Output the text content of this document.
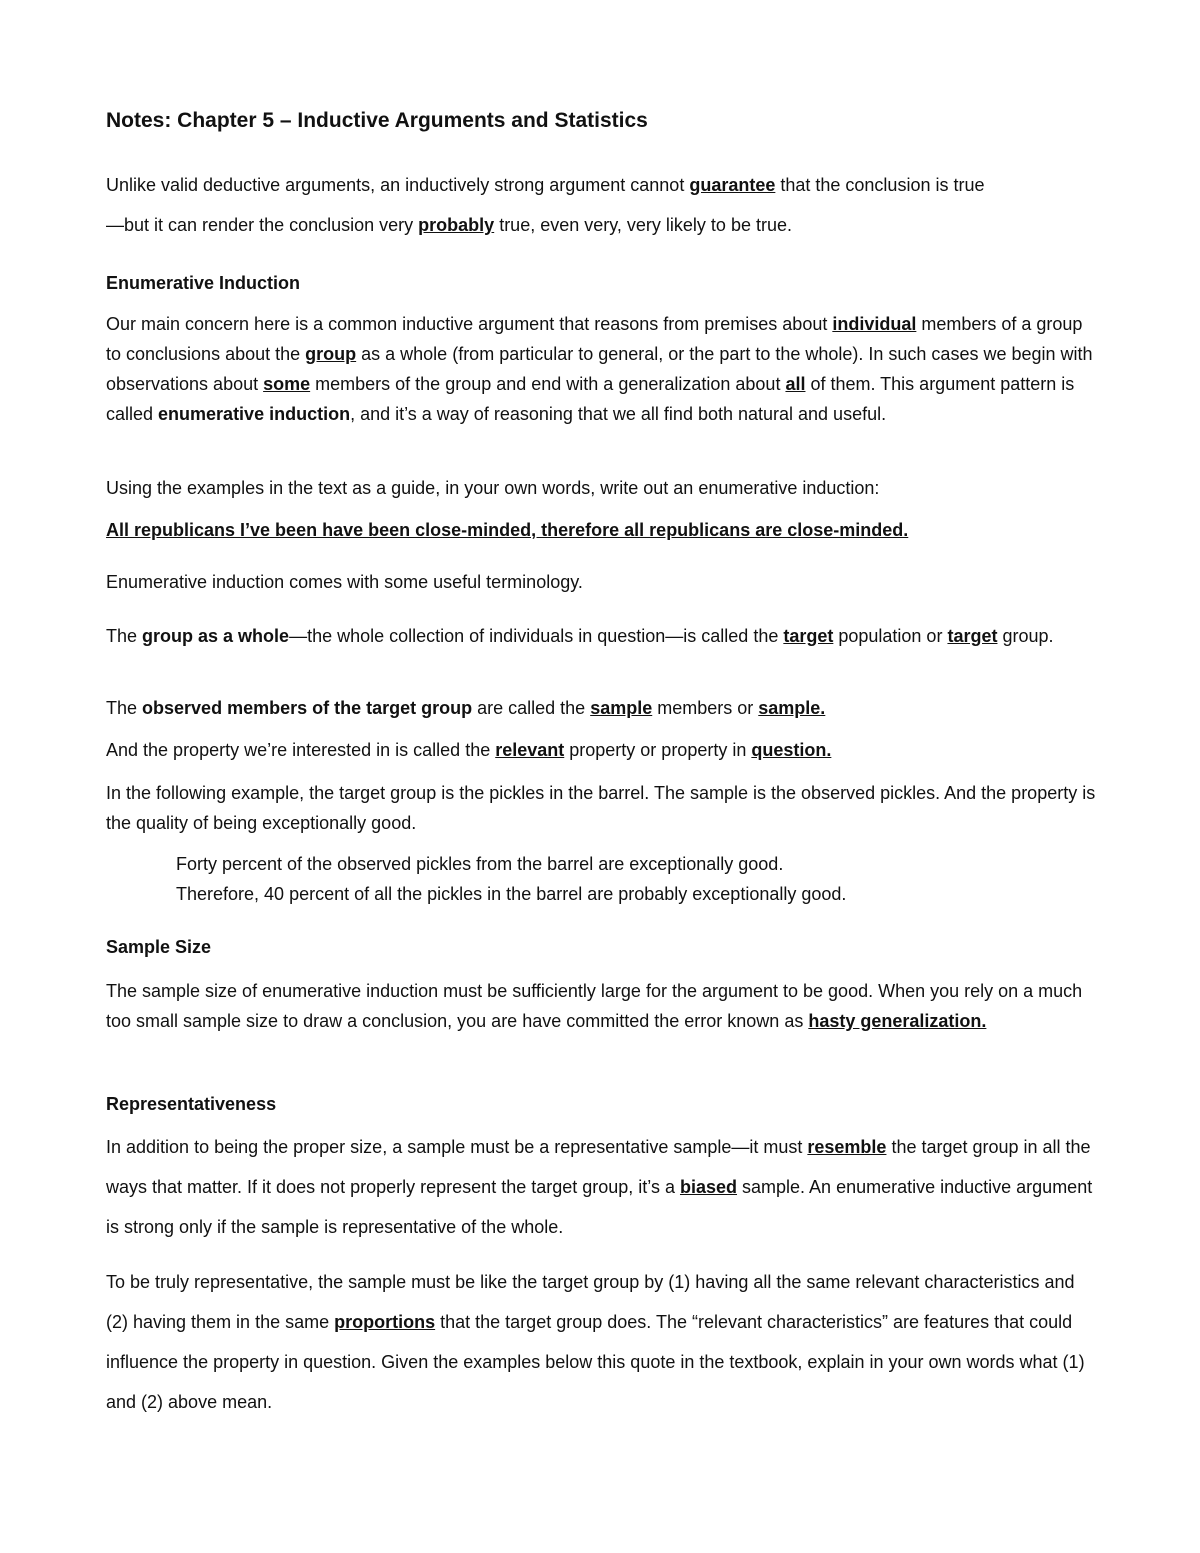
Notes: Chapter 5 – Inductive Arguments and Statistics

Unlike valid deductive arguments, an inductively strong argument cannot guarantee that the conclusion is true
—but it can render the conclusion very probably true, even very, very likely to be true.

Enumerative Induction

Our main concern here is a common inductive argument that reasons from premises about individual members of a group to conclusions about the group as a whole (from particular to general, or the part to the whole). In such cases we begin with observations about some members of the group and end with a generalization about all of them. This argument pattern is called enumerative induction, and it’s a way of reasoning that we all find both natural and useful.

Using the examples in the text as a guide, in your own words, write out an enumerative induction:

All republicans I’ve been have been close-minded, therefore all republicans are close-minded.

Enumerative induction comes with some useful terminology.

The group as a whole—the whole collection of individuals in question—is called the target population or target group.

The observed members of the target group are called the sample members or sample.

And the property we’re interested in is called the relevant property or property in question.

In the following example, the target group is the pickles in the barrel. The sample is the observed pickles. And the property is the quality of being exceptionally good.

Forty percent of the observed pickles from the barrel are exceptionally good.

Therefore, 40 percent of all the pickles in the barrel are probably exceptionally good.

Sample Size

The sample size of enumerative induction must be sufficiently large for the argument to be good. When you rely on a much too small sample size to draw a conclusion, you are have committed the error known as hasty generalization.

Representativeness

In addition to being the proper size, a sample must be a representative sample—it must resemble the target group in all the ways that matter. If it does not properly represent the target group, it’s a biased sample. An enumerative inductive argument is strong only if the sample is representative of the whole.

To be truly representative, the sample must be like the target group by (1) having all the same relevant characteristics and (2) having them in the same proportions that the target group does. The “relevant characteristics” are features that could influence the property in question. Given the examples below this quote in the textbook, explain in your own words what (1) and (2) above mean.
